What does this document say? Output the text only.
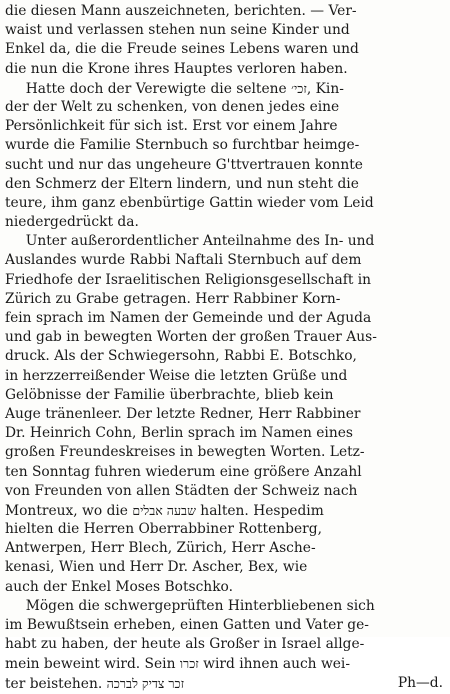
die diesen Mann auszeichneten, berichten. — Ver-
waist und verlassen stehen nun seine Kinder und
Enkel da, die die Freude seines Lebens waren und
die nun die Krone ihres Hauptes verloren haben.
Hatte doch der Verewigte die seltene זכי׳, Kin-
der der Welt zu schenken, von denen jedes eine
Persönlichkeit für sich ist. Erst vor einem Jahre
wurde die Familie Sternbuch so furchtbar heimge-
sucht und nur das ungeheure G'ttvertrauen konnte
den Schmerz der Eltern lindern, und nun steht die
teure, ihm ganz ebenbürtige Gattin wieder vom Leid
niedergedrückt da.
Unter außerordentlicher Anteilnahme des In- und
Auslandes wurde Rabbi Naftali Sternbuch auf dem
Friedhofe der Israelitischen Religionsgesellschaft in
Zürich zu Grabe getragen. Herr Rabbiner Korn-
fein sprach im Namen der Gemeinde und der Aguda
und gab in bewegten Worten der großen Trauer Aus-
druck. Als der Schwiegersohn, Rabbi E. Botschko,
in herzzerreißender Weise die letzten Grüße und
Gelöbnisse der Familie überbrachte, blieb kein
Auge tränenleer. Der letzte Redner, Herr Rabbiner
Dr. Heinrich Cohn, Berlin sprach im Namen eines
großen Freundeskreises in bewegten Worten. Letz-
ten Sonntag fuhren wiederum eine größere Anzahl
von Freunden von allen Städten der Schweiz nach
Montreux, wo die שבעה אבלים halten. Hespedim
hielten die Herren Oberrabbiner Rottenberg,
Antwerpen, Herr Blech, Zürich, Herr Asche-
kenasi, Wien und Herr Dr. Ascher, Bex, wie
auch der Enkel Moses Botschko.
Mögen die schwergeprüften Hinterbliebenen sich
im Bewußtsein erheben, einen Gatten und Vater ge-
habt zu haben, der heute als Großer in Israel allge-
mein beweint wird. Sein זכרו wird ihnen auch wei-
ter beistehen. זכר צדיק לברכה	Ph—d.
